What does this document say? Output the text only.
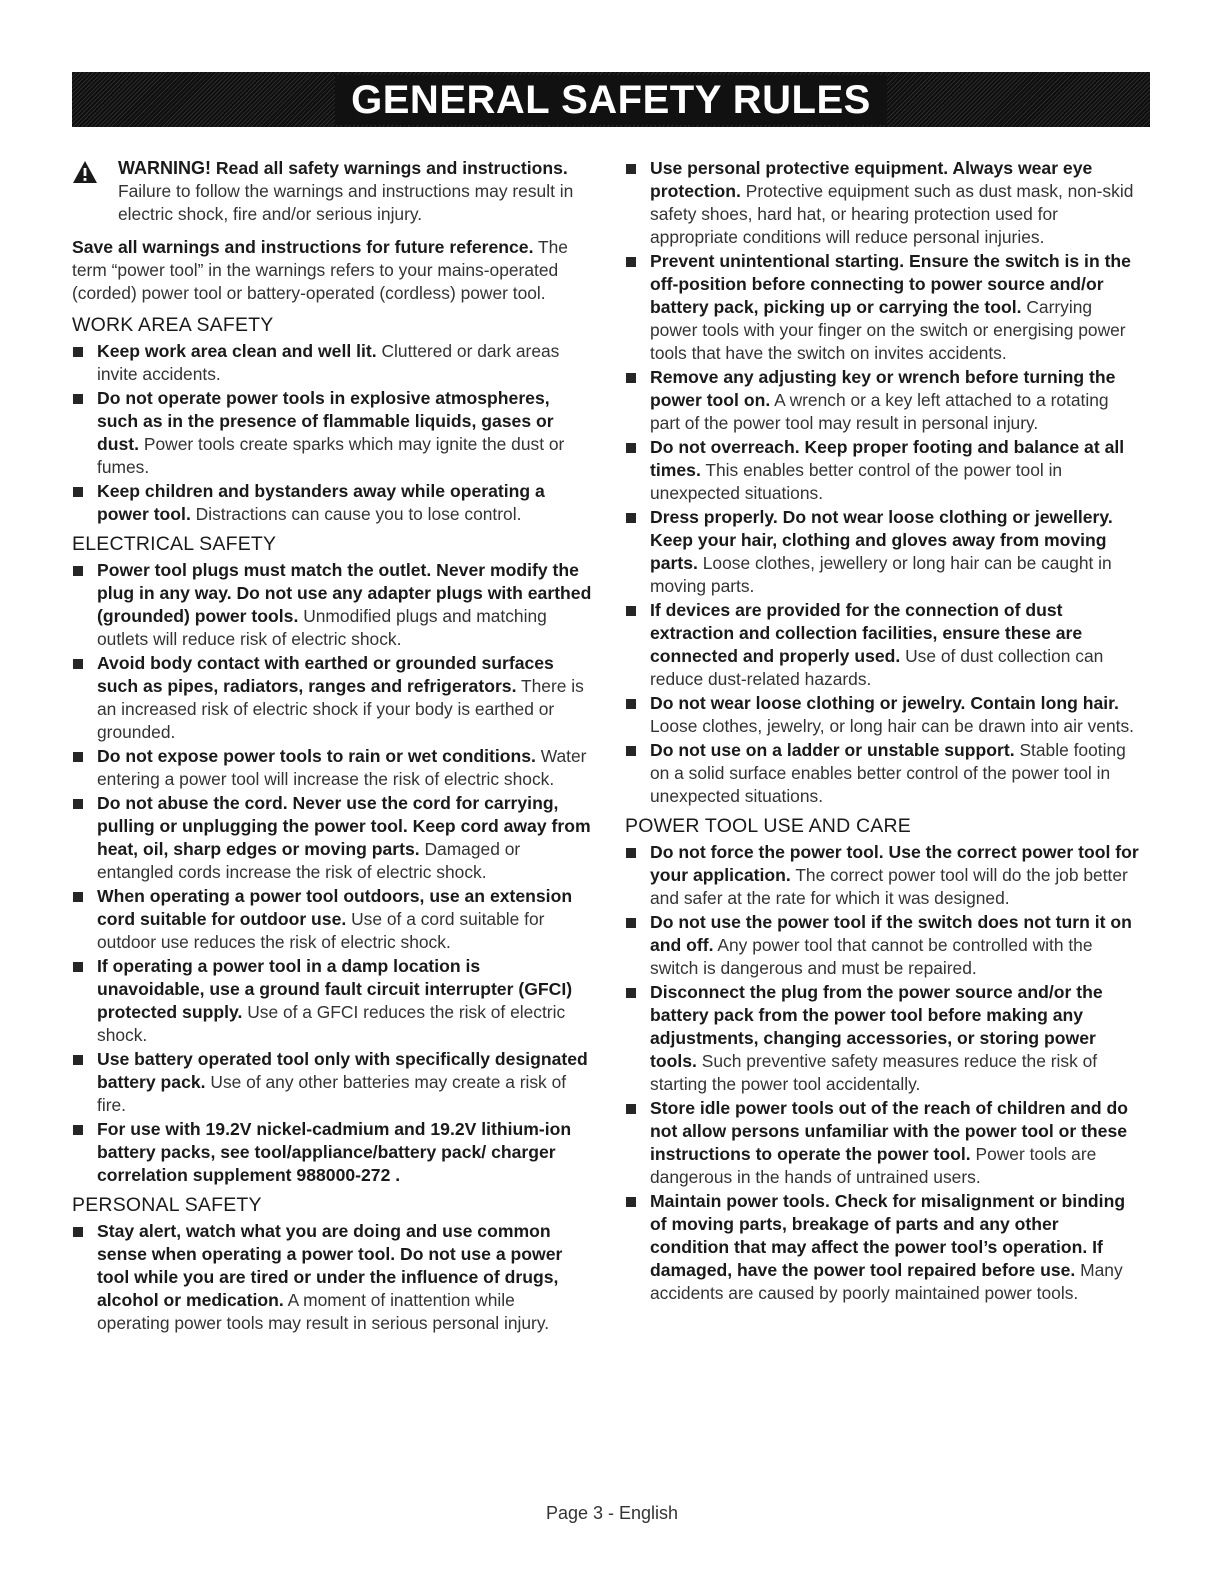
GENERAL SAFETY RULES
WARNING! Read all safety warnings and instructions. Failure to follow the warnings and instructions may result in electric shock, fire and/or serious injury.

Save all warnings and instructions for future reference. The term “power tool” in the warnings refers to your mains-operated (corded) power tool or battery-operated (cordless) power tool.

WORK AREA SAFETY
Keep work area clean and well lit. Cluttered or dark areas invite accidents.
Do not operate power tools in explosive atmospheres, such as in the presence of flammable liquids, gases or dust. Power tools create sparks which may ignite the dust or fumes.
Keep children and bystanders away while operating a power tool. Distractions can cause you to lose control.
ELECTRICAL SAFETY
Power tool plugs must match the outlet. Never modify the plug in any way. Do not use any adapter plugs with earthed (grounded) power tools. Unmodified plugs and matching outlets will reduce risk of electric shock.
Avoid body contact with earthed or grounded surfaces such as pipes, radiators, ranges and refrigerators. There is an increased risk of electric shock if your body is earthed or grounded.
Do not expose power tools to rain or wet conditions. Water entering a power tool will increase the risk of electric shock.
Do not abuse the cord. Never use the cord for carrying, pulling or unplugging the power tool. Keep cord away from heat, oil, sharp edges or moving parts. Damaged or entangled cords increase the risk of electric shock.
When operating a power tool outdoors, use an extension cord suitable for outdoor use. Use of a cord suitable for outdoor use reduces the risk of electric shock.
If operating a power tool in a damp location is unavoidable, use a ground fault circuit interrupter (GFCI) protected supply. Use of a GFCI reduces the risk of electric shock.
Use battery operated tool only with specifically designated battery pack. Use of any other batteries may create a risk of fire.
For use with 19.2V nickel-cadmium and 19.2V lithium-ion battery packs, see tool/appliance/battery pack/ charger correlation supplement 988000-272 .
PERSONAL SAFETY
Stay alert, watch what you are doing and use common sense when operating a power tool. Do not use a power tool while you are tired or under the influence of drugs, alcohol or medication. A moment of inattention while operating power tools may result in serious personal injury.
Use personal protective equipment. Always wear eye protection. Protective equipment such as dust mask, non-skid safety shoes, hard hat, or hearing protection used for appropriate conditions will reduce personal injuries.
Prevent unintentional starting. Ensure the switch is in the off-position before connecting to power source and/or battery pack, picking up or carrying the tool. Carrying power tools with your finger on the switch or energising power tools that have the switch on invites accidents.
Remove any adjusting key or wrench before turning the power tool on. A wrench or a key left attached to a rotating part of the power tool may result in personal injury.
Do not overreach. Keep proper footing and balance at all times. This enables better control of the power tool in unexpected situations.
Dress properly. Do not wear loose clothing or jewellery. Keep your hair, clothing and gloves away from moving parts. Loose clothes, jewellery or long hair can be caught in moving parts.
If devices are provided for the connection of dust extraction and collection facilities, ensure these are connected and properly used. Use of dust collection can reduce dust-related hazards.
Do not wear loose clothing or jewelry. Contain long hair. Loose clothes, jewelry, or long hair can be drawn into air vents.
Do not use on a ladder or unstable support. Stable footing on a solid surface enables better control of the power tool in unexpected situations.
POWER TOOL USE AND CARE
Do not force the power tool. Use the correct power tool for your application. The correct power tool will do the job better and safer at the rate for which it was designed.
Do not use the power tool if the switch does not turn it on and off. Any power tool that cannot be controlled with the switch is dangerous and must be repaired.
Disconnect the plug from the power source and/or the battery pack from the power tool before making any adjustments, changing accessories, or storing power tools. Such preventive safety measures reduce the risk of starting the power tool accidentally.
Store idle power tools out of the reach of children and do not allow persons unfamiliar with the power tool or these instructions to operate the power tool. Power tools are dangerous in the hands of untrained users.
Maintain power tools. Check for misalignment or binding of moving parts, breakage of parts and any other condition that may affect the power tool’s operation. If damaged, have the power tool repaired before use. Many accidents are caused by poorly maintained power tools.
Page 3 - English
